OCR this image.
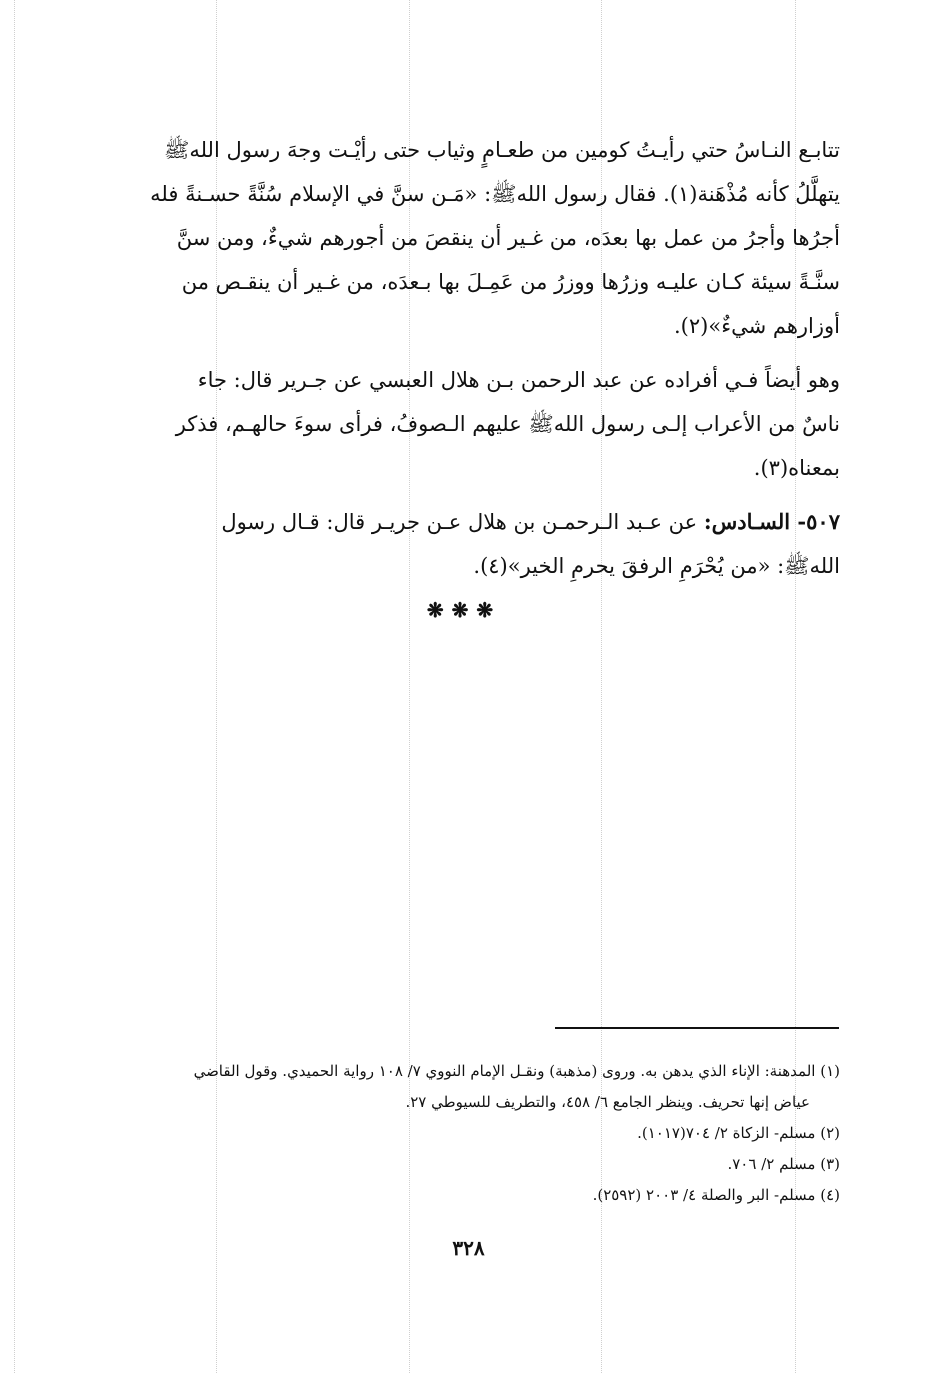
تتابـع النـاسُ حتي رأيـتُ كومين من طعـامٍ وثياب حتى رأيْـت وجهَ رسول اللهﷺ

يتهلَّلُ كأنه مُذْهَنة(١). فقال رسول اللهﷺ: «مَـن سنَّ في الإسلام سُنَّةً حسـنةً فله

أجرُها وأجرُ من عمل بها بعدَه، من غـير أن ينقصَ من أجورهم شيءٌ، ومن سنَّ

سنَّـةً سيئة كـان عليـه وزرُها ووزرُ من عَمِـلَ بها بـعدَه، من غـير أن ينقـص من

أوزارهم شيءٌ»(٢).

وهو أيضاً فـي أفراده عن عبد الرحمن بـن هلال العبسي عن جـرير قال: جاء

ناسٌ من الأعراب إلـى رسول اللهﷺ عليهم الـصوفُ، فرأى سوءَ حالهـم، فذكر

بمعناه(٣).

٥٠٧- السـادس: عن عـبد الـرحمـن بن هلال عـن جريـر قال: قـال رسول

اللهﷺ: «من يُحْرَمِ الرفقَ يحرمِ الخير»(٤).

❋❋❋
(١) المدهنة: الإناء الذي يدهن به. وروى (مذهبة) ونقـل الإمام النووي ٧/ ١٠٨ رواية الحميدي. وقول القاضي
عياض إنها تحريف. وينظر الجامع ٦/ ٤٥٨، والتطريف للسيوطي ٢٧.
(٢) مسلم- الزكاة ٢/ ٧٠٤(١٠١٧).
(٣) مسلم ٢/ ٧٠٦.
(٤) مسلم- البر والصلة ٤/ ٢٠٠٣ (٢٥٩٢).
٣٢٨
